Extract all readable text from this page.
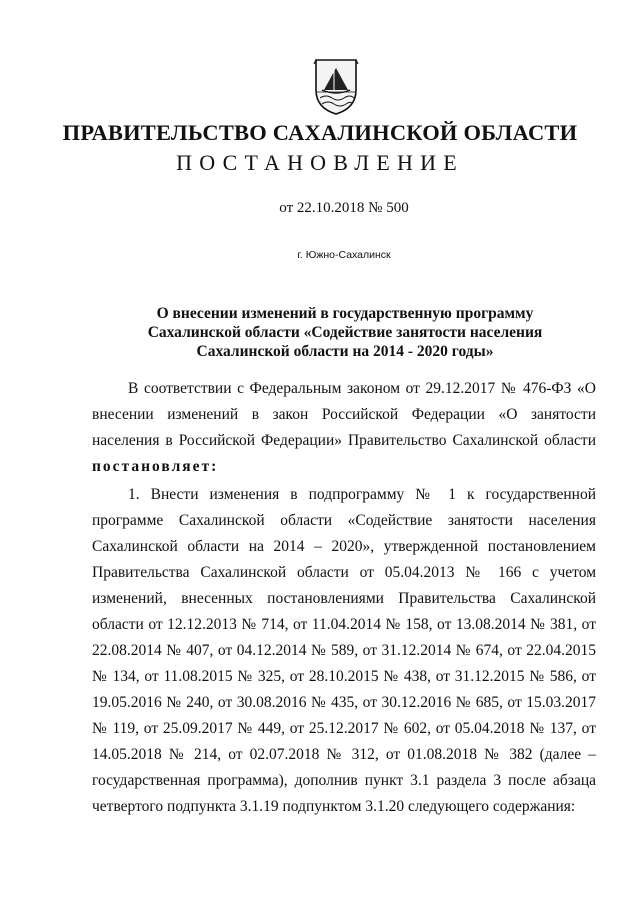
ПРАВИТЕЛЬСТВО САХАЛИНСКОЙ ОБЛАСТИ
ПОСТАНОВЛЕНИЕ
от 22.10.2018 № 500
г. Южно-Сахалинск
О внесении изменений в государственную программу
Сахалинской области «Содействие занятости населения
Сахалинской области на 2014 - 2020 годы»

В соответствии с Федеральным законом от 29.12.2017 № 476-ФЗ «О внесении изменений в закон Российской Федерации «О занятости населения в Российской Федерации» Правительство Сахалинской области постановляет:

1. Внести изменения в подпрограмму № 1 к государственной программе Сахалинской области «Содействие занятости населения Сахалинской области на 2014 – 2020», утвержденной постановлением Правительства Сахалинской области от 05.04.2013 № 166 с учетом изменений, внесенных постановлениями Правительства Сахалинской области от 12.12.2013 № 714, от 11.04.2014 № 158, от 13.08.2014 № 381, от 22.08.2014 № 407, от 04.12.2014 № 589, от 31.12.2014 № 674, от 22.04.2015 № 134, от 11.08.2015 № 325, от 28.10.2015 № 438, от 31.12.2015 № 586, от 19.05.2016 № 240, от 30.08.2016 № 435, от 30.12.2016 № 685, от 15.03.2017 № 119, от 25.09.2017 № 449, от 25.12.2017 № 602, от 05.04.2018 № 137, от 14.05.2018 № 214, от 02.07.2018 № 312, от 01.08.2018 № 382 (далее – государственная программа), дополнив пункт 3.1 раздела 3 после абзаца четвертого подпункта 3.1.19 подпунктом 3.1.20 следующего содержания:
